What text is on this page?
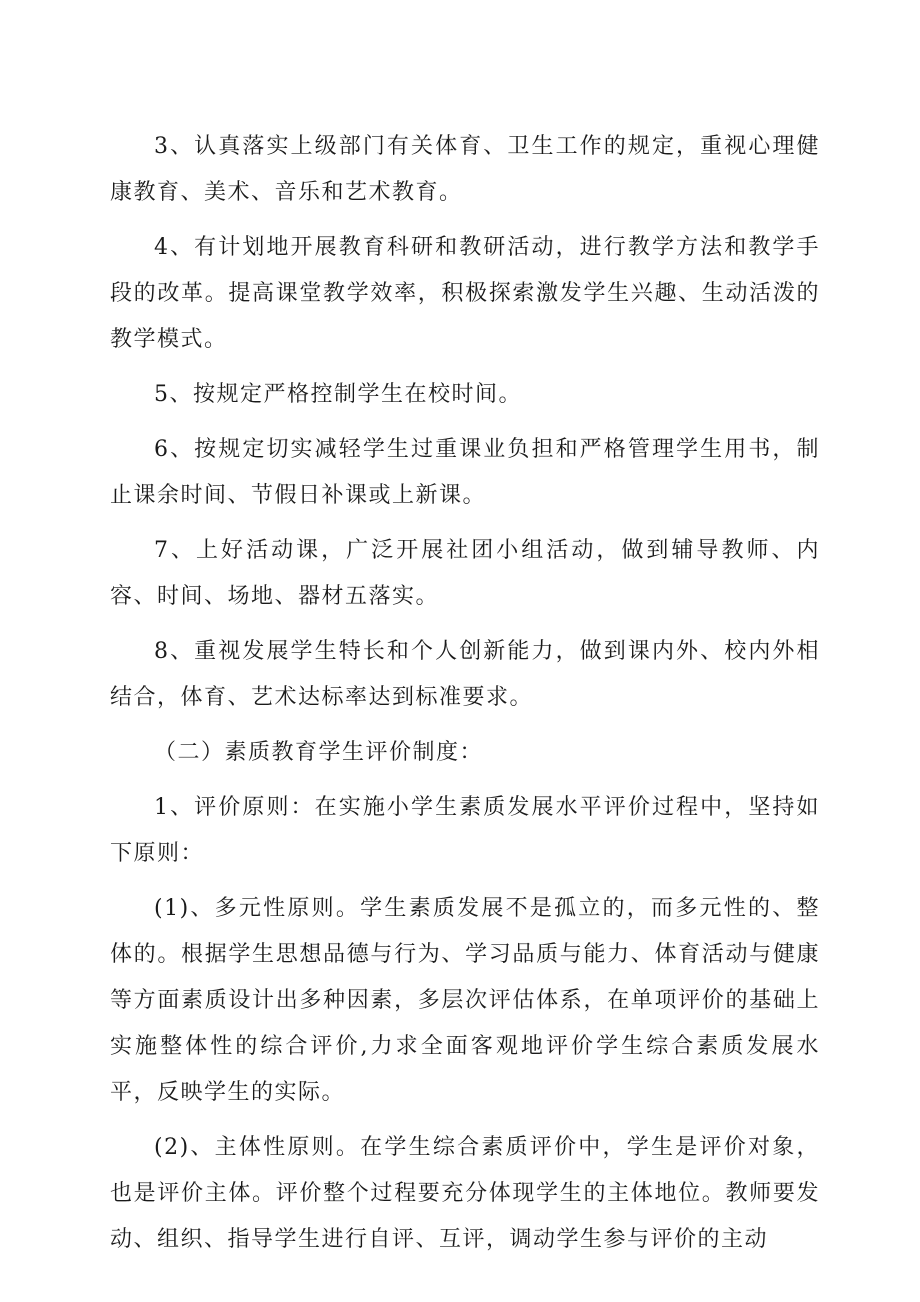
3、认真落实上级部门有关体育、卫生工作的规定，重视心理健康教育、美术、音乐和艺术教育。

4、有计划地开展教育科研和教研活动，进行教学方法和教学手段的改革。提高课堂教学效率，积极探索激发学生兴趣、生动活泼的教学模式。

5、按规定严格控制学生在校时间。

6、按规定切实减轻学生过重课业负担和严格管理学生用书，制止课余时间、节假日补课或上新课。

7、上好活动课，广泛开展社团小组活动，做到辅导教师、内容、时间、场地、器材五落实。

8、重视发展学生特长和个人创新能力，做到课内外、校内外相结合，体育、艺术达标率达到标准要求。

（二）素质教育学生评价制度：

1、评价原则：在实施小学生素质发展水平评价过程中，坚持如下原则：

(1)、多元性原则。学生素质发展不是孤立的，而多元性的、整体的。根据学生思想品德与行为、学习品质与能力、体育活动与健康等方面素质设计出多种因素，多层次评估体系，在单项评价的基础上实施整体性的综合评价,力求全面客观地评价学生综合素质发展水平，反映学生的实际。

(2)、主体性原则。在学生综合素质评价中，学生是评价对象，也是评价主体。评价整个过程要充分体现学生的主体地位。教师要发动、组织、指导学生进行自评、互评，调动学生参与评价的主动
